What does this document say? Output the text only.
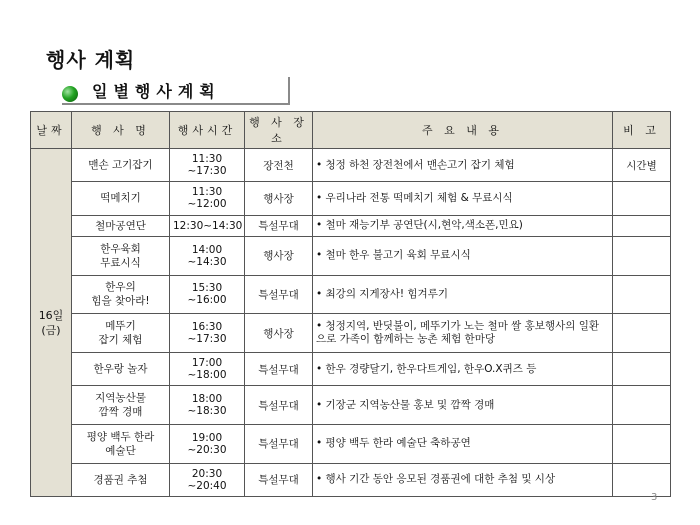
행사 계획
일별행사계획
날짜	행 사 명	행사시간	행 사 장 소	주 요 내 용	비 고
16일
(금)	맨손 고기잡기	11:30 ~17:30	장전천	• 청정 하천 장전천에서 맨손고기 잡기 체험	시간별
	떡메치기	11:30 ~12:00	행사장	• 우리나라 전통 떡메치기 체험 & 무료시식	
	철마공연단	12:30~14:30	특설무대	• 철마 재능기부 공연단(시,현악,색소폰,민요)	
	한우육회
무료시식	14:00 ~14:30	행사장	• 철마 한우 불고기 육회 무료시식	
	한우의
힘을 찾아라!	15:30 ~16:00	특설무대	• 최강의 지게장사! 힘겨루기	
	메뚜기
잡기 체험	16:30 ~17:30	행사장	• 청정지역, 반딧불이, 메뚜기가 노는 철마 쌀 홍보행사의 일환으로 가족이 함께하는 농촌 체험 한마당	
	한우랑 놀자	17:00 ~18:00	특설무대	• 한우 경량달기, 한우다트게임, 한우O.X퀴즈 등	
	지역농산물
깜짝 경매	18:00 ~18:30	특설무대	• 기장군 지역농산물 홍보 및 깜짝 경매	
	평양 백두 한라
예술단	19:00 ~20:30	특설무대	• 평양 백두 한라 예술단 축하공연	
	경품권 추첨	20:30 ~20:40	특설무대	• 행사 기간 동안 응모된 경품권에 대한 추첨 및 시상	
3
